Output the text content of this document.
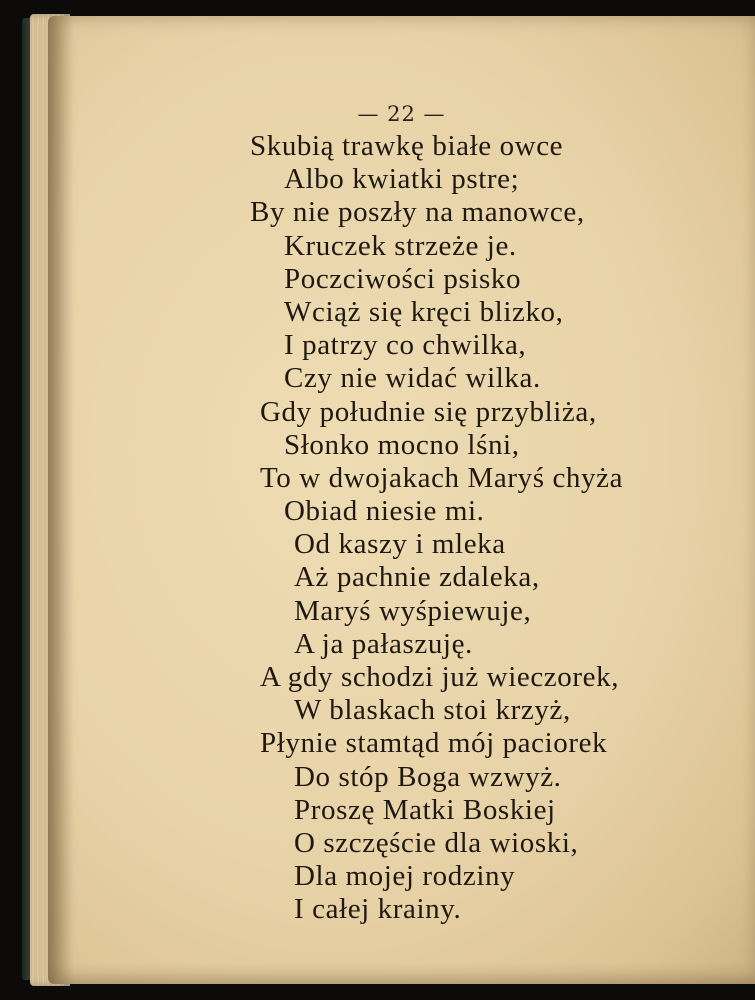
— 22 —
Skubią trawkę białe owce
Albo kwiatki pstre;
By nie poszły na manowce,
Kruczek strzeże je.
Poczciwości psisko
Wciąż się kręci blizko,
I patrzy co chwilka,
Czy nie widać wilka.
Gdy południe się przybliża,
Słonko mocno lśni,
To w dwojakach Maryś chyża
Obiad niesie mi.
Od kaszy i mleka
Aż pachnie zdaleka,
Maryś wyśpiewuje,
A ja pałaszuję.
A gdy schodzi już wieczorek,
W blaskach stoi krzyż,
Płynie stamtąd mój paciorek
Do stóp Boga wzwyż.
Proszę Matki Boskiej
O szczęście dla wioski,
Dla mojej rodziny
I całej krainy.
